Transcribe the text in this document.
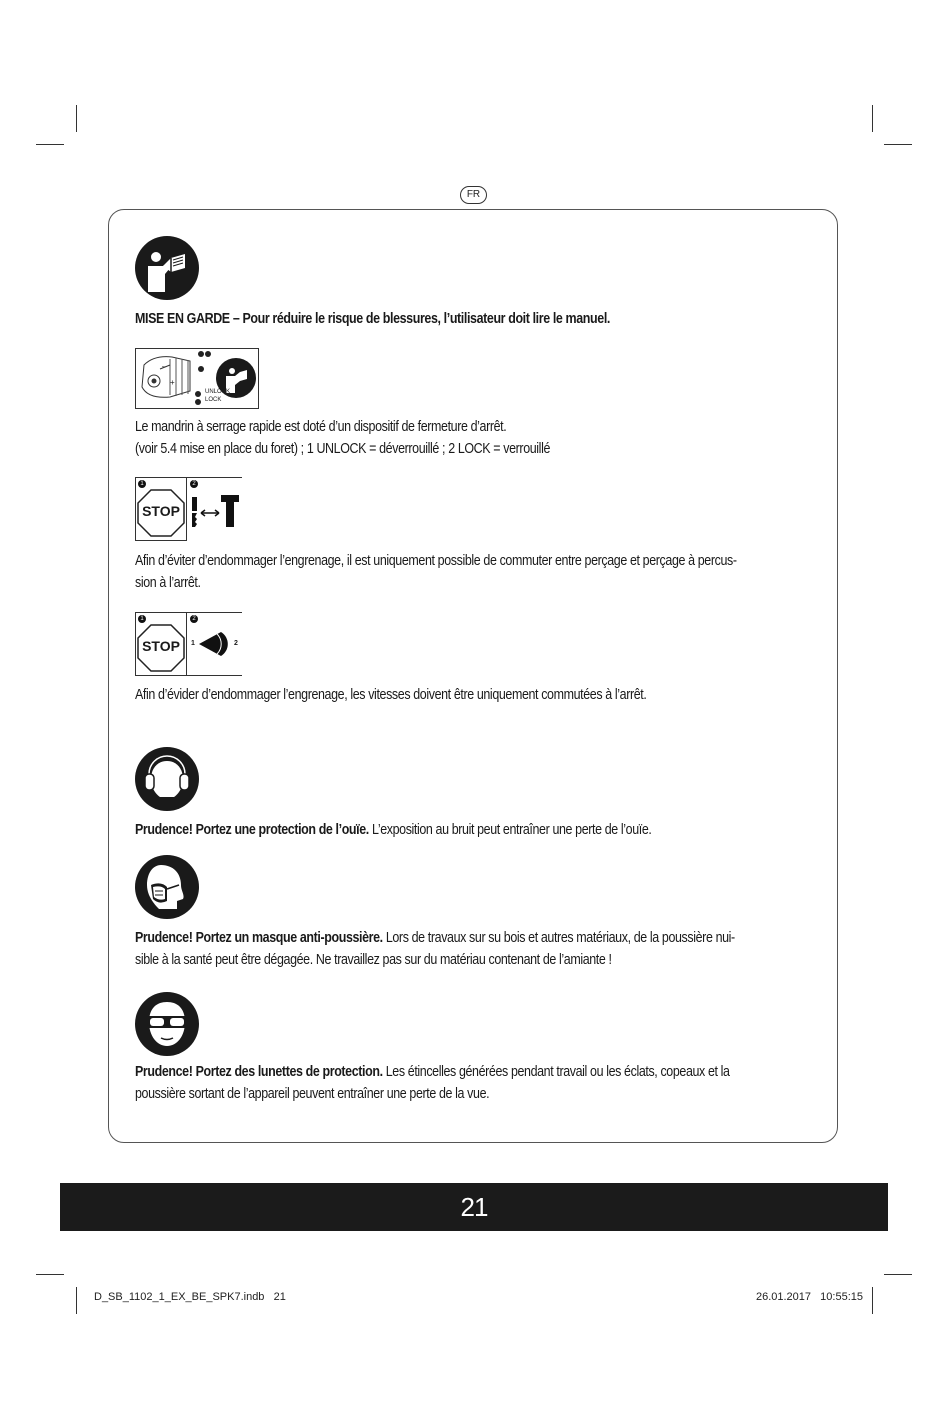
FR
MISE EN GARDE – Pour réduire le risque de blessures, l’utilisateur doit lire le manuel.
–
+
UNLOCK
LOCK
Le mandrin à serrage rapide est doté d’un dispositif de fermeture d’arrêt.
(voir 5.4 mise en place du foret) ; 1 UNLOCK = déverrouillé ; 2 LOCK = verrouillé
1	2
STOP
Afin d’éviter d’endommager l’engrenage, il est uniquement possible de commuter entre perçage et perçage à percus-
sion à l’arrêt.
1	2
STOP	1	2
Afin d’évider d’endommager l’engrenage, les vitesses doivent être uniquement commutées à l’arrêt.
Prudence! Portez une protection de l’ouïe. L’exposition au bruit peut entraîner une perte de l’ouïe.
Prudence! Portez un masque anti-poussière. Lors de travaux sur su bois et autres matériaux, de la poussière nui-
sible à la santé peut être dégagée. Ne travaillez pas sur du matériau contenant de l’amiante !
Prudence! Portez des lunettes de protection. Les étincelles générées pendant travail ou les éclats, copeaux et la
poussière sortant de l’appareil peuvent entraîner une perte de la vue.
21
D_SB_1102_1_EX_BE_SPK7.indb   21	26.01.2017   10:55:15
